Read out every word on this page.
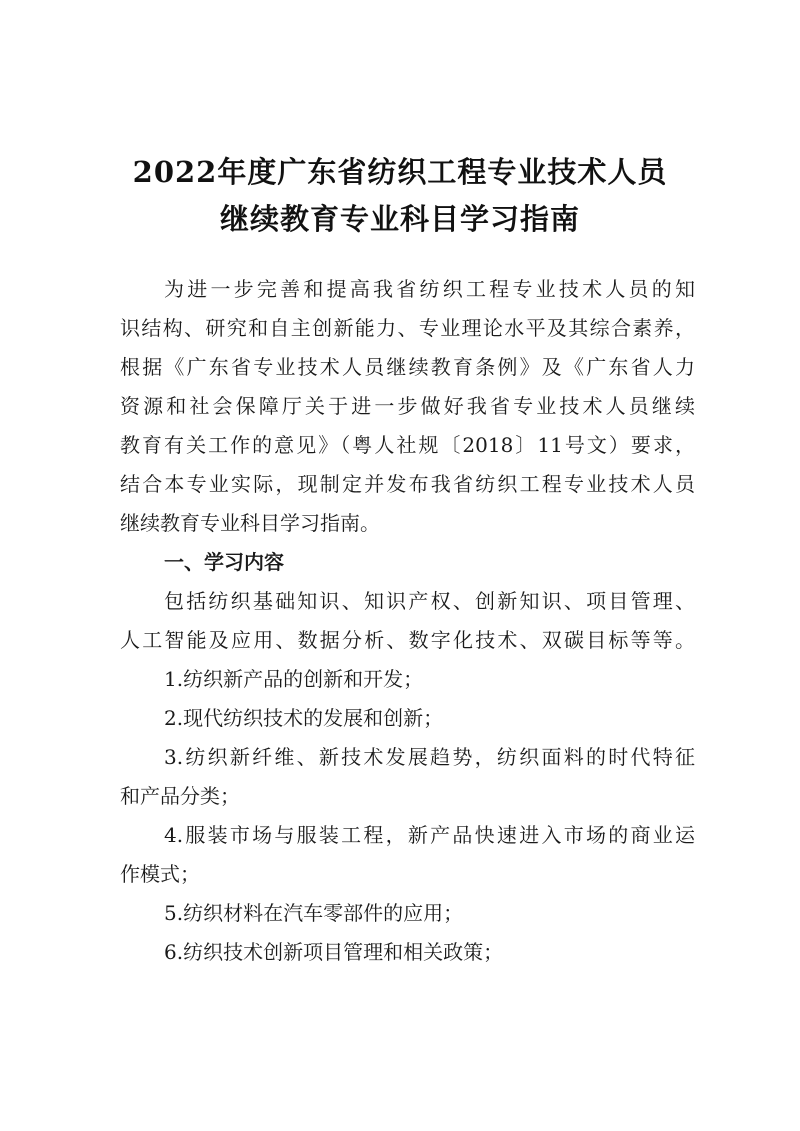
2022年度广东省纺织工程专业技术人员
继续教育专业科目学习指南
为进一步完善和提高我省纺织工程专业技术人员的知
识结构、研究和自主创新能力、专业理论水平及其综合素养，
根据《广东省专业技术人员继续教育条例》及《广东省人力
资源和社会保障厅关于进一步做好我省专业技术人员继续
教育有关工作的意见》（粤人社规〔2018〕11号文）要求，
结合本专业实际，现制定并发布我省纺织工程专业技术人员
继续教育专业科目学习指南。
一、学习内容
包括纺织基础知识、知识产权、创新知识、项目管理、
人工智能及应用、数据分析、数字化技术、双碳目标等等。
1.纺织新产品的创新和开发；
2.现代纺织技术的发展和创新；
3.纺织新纤维、新技术发展趋势，纺织面料的时代特征
和产品分类；
4.服装市场与服装工程，新产品快速进入市场的商业运
作模式；
5.纺织材料在汽车零部件的应用；
6.纺织技术创新项目管理和相关政策；
